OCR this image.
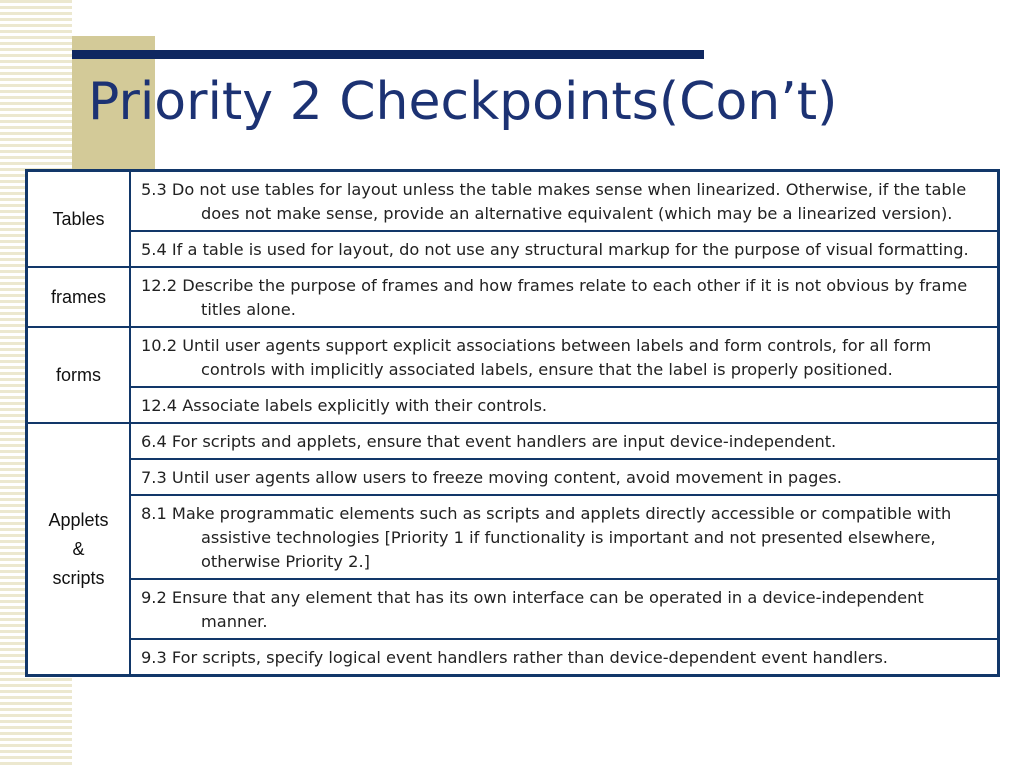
Priority 2 Checkpoints(Con’t)
Tables	5.3 Do not use tables for layout unless the table makes sense when linearized. Otherwise, if the table does not make sense, provide an alternative equivalent (which may be a linearized version).

	5.4 If a table is used for layout, do not use any structural markup for the purpose of visual formatting.

frames	12.2 Describe the purpose of frames and how frames relate to each other if it is not obvious by frame titles alone.

forms	10.2 Until user agents support explicit associations between labels and form controls, for all form controls with implicitly associated labels, ensure that the label is properly positioned.

	12.4 Associate labels explicitly with their controls.

Applets
&
scripts	6.4 For scripts and applets, ensure that event handlers are input device-independent.

	7.3 Until user agents allow users to freeze moving content, avoid movement in pages.

	8.1 Make programmatic elements such as scripts and applets directly accessible or compatible with assistive technologies [Priority 1 if functionality is important and not presented elsewhere, otherwise Priority 2.]

	9.2 Ensure that any element that has its own interface can be operated in a device-independent manner.

	9.3 For scripts, specify logical event handlers rather than device-dependent event handlers.
